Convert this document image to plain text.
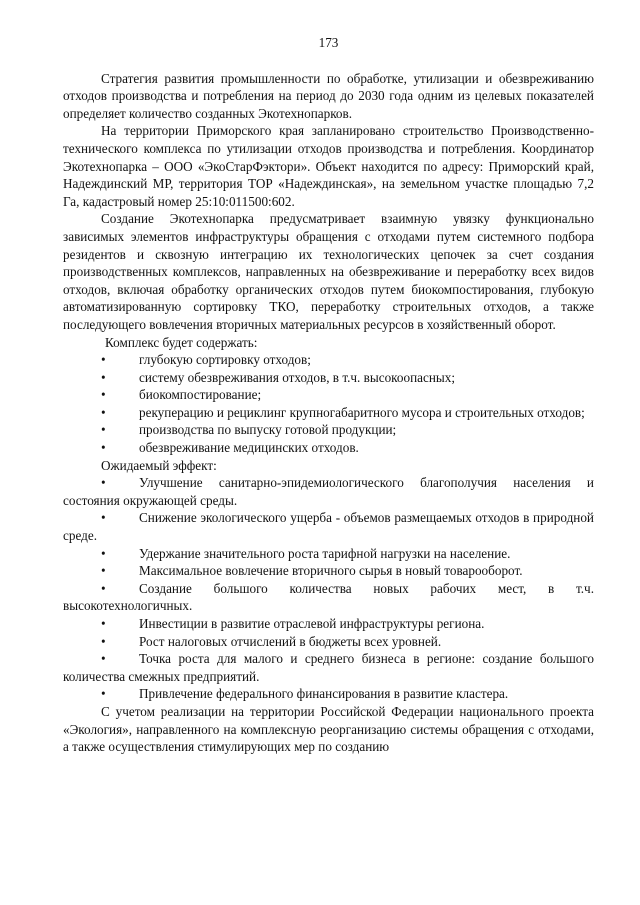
173

Стратегия развития промышленности по обработке, утилизации и обезвреживанию отходов производства и потребления на период до 2030 года одним из целевых показателей определяет количество созданных Экотехнопарков.

На территории Приморского края запланировано строительство Производственно-технического комплекса по утилизации отходов производства и потребления. Координатор Экотехнопарка – ООО «ЭкоСтарФэктори». Объект находится по адресу: Приморский край, Надеждинский МР, территория ТОР «Надеждинская», на земельном участке площадью 7,2 Га, кадастровый номер 25:10:011500:602.

Создание Экотехнопарка предусматривает взаимную увязку функционально зависимых элементов инфраструктуры обращения с отходами путем системного подбора резидентов и сквозную интеграцию их технологических цепочек за счет создания производственных комплексов, направленных на обезвреживание и переработку всех видов отходов, включая обработку органических отходов путем биокомпостирования, глубокую автоматизированную сортировку ТКО, переработку строительных отходов, а также последующего вовлечения вторичных материальных ресурсов в хозяйственный оборот.

Комплекс будет содержать:

•	глубокую сортировку отходов;
•	систему обезвреживания отходов, в т.ч. высокоопасных;
•	биокомпостирование;
•	рекуперацию и рециклинг крупногабаритного мусора и строительных отходов;
•	производства по выпуску готовой продукции;
•	обезвреживание медицинских отходов.

Ожидаемый эффект:

•	Улучшение санитарно-эпидемиологического благополучия населения и состояния окружающей среды.
•	Снижение экологического ущерба - объемов размещаемых отходов в природной среде.
•	Удержание значительного роста тарифной нагрузки на население.
•	Максимальное вовлечение вторичного сырья в новый товарооборот.
•	Создание большого количества новых рабочих мест, в т.ч. высокотехнологичных.
•	Инвестиции в развитие отраслевой инфраструктуры региона.
•	Рост налоговых отчислений в бюджеты всех уровней.
•	Точка роста для малого и среднего бизнеса в регионе: создание большого количества смежных предприятий.
•	Привлечение федерального финансирования в развитие кластера.

С учетом реализации на территории Российской Федерации национального проекта «Экология», направленного на комплексную реорганизацию системы обращения с отходами, а также осуществления стимулирующих мер по созданию
